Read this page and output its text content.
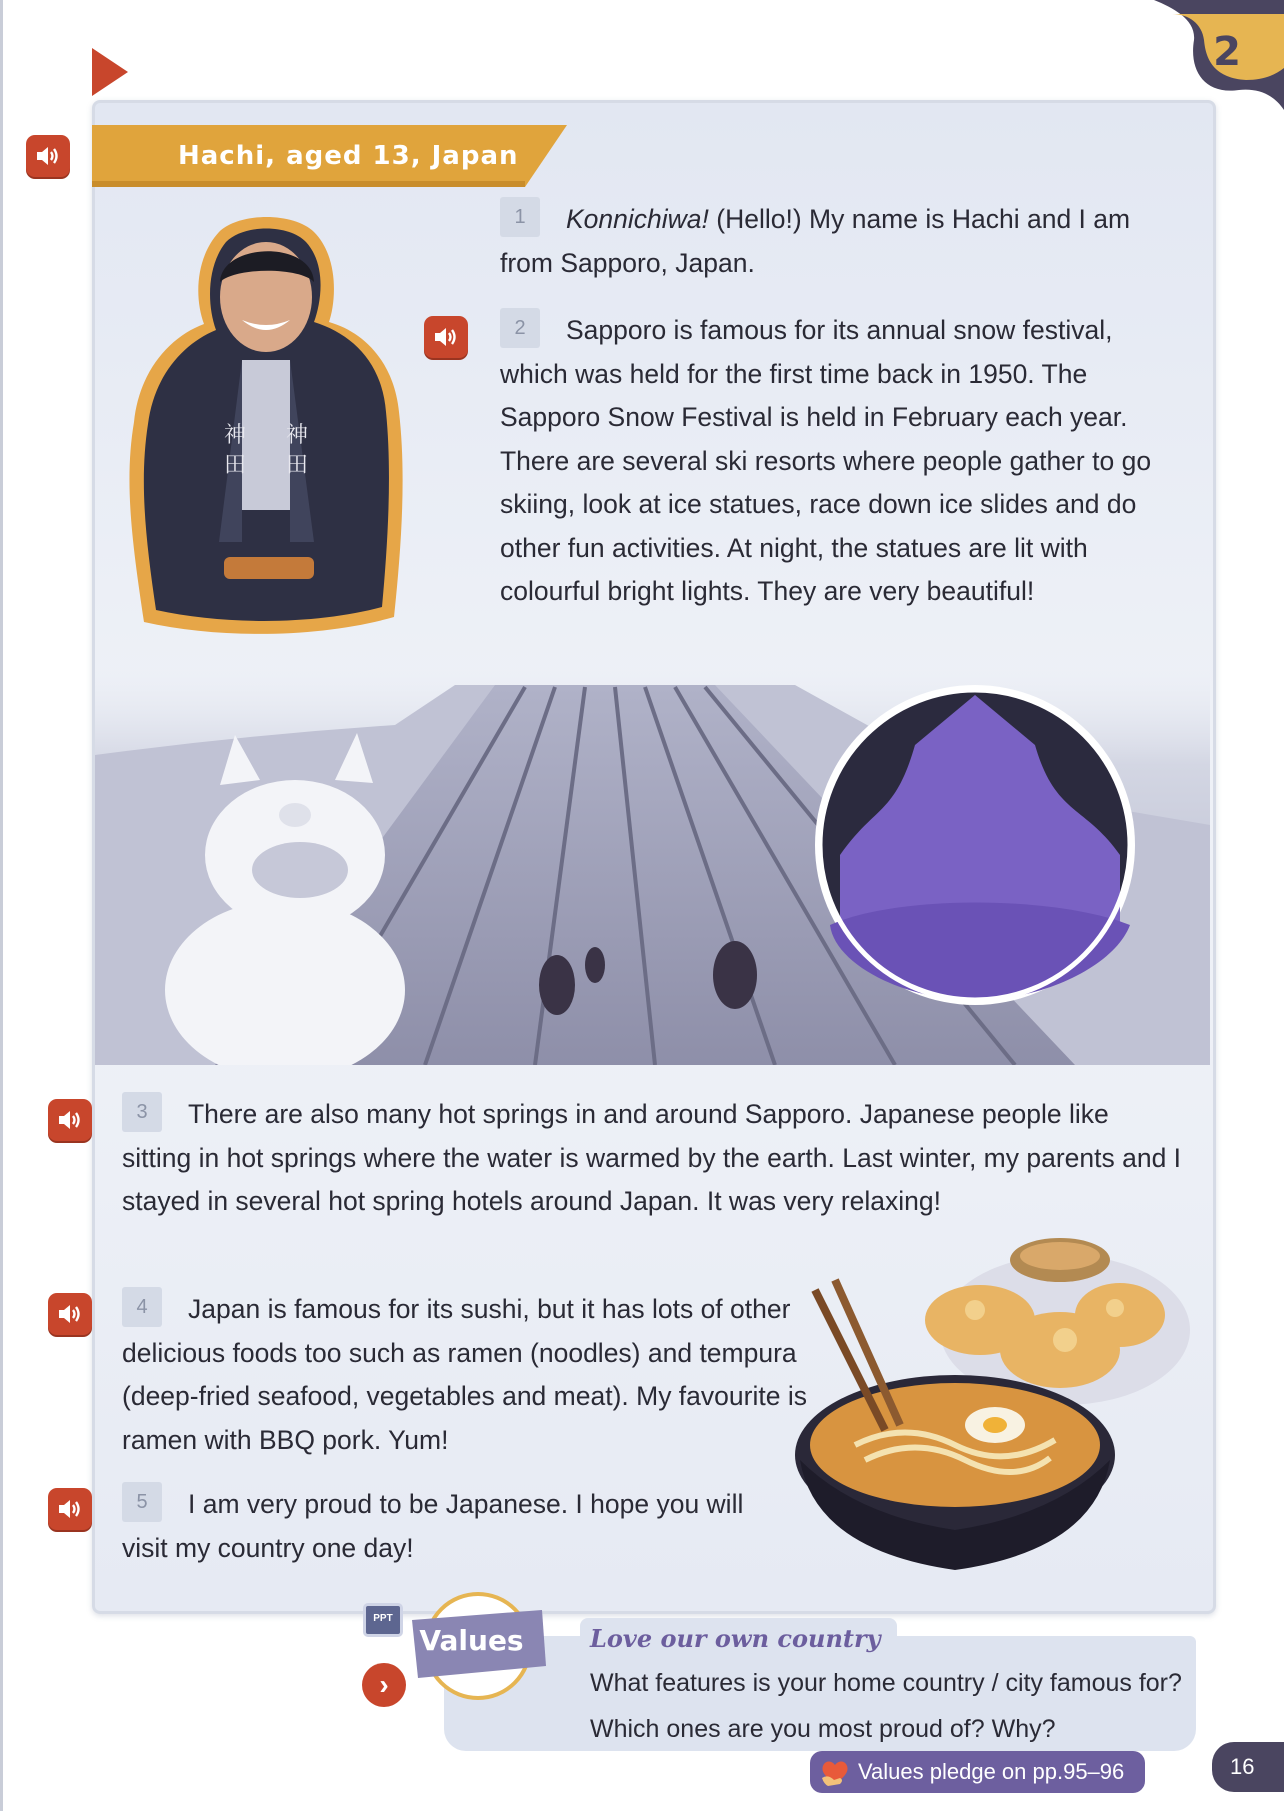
2
Hachi, aged 13, Japan
神
田
神
田
1 Konnichiwa! (Hello!) My name is Hachi and I am from Sapporo, Japan.
2 Sapporo is famous for its annual snow festival, which was held for the first time back in 1950. The Sapporo Snow Festival is held in February each year. There are several ski resorts where people gather to go skiing, look at ice statues, race down ice slides and do other fun activities. At night, the statues are lit with colourful bright lights. They are very beautiful!
3 There are also many hot springs in and around Sapporo. Japanese people like sitting in hot springs where the water is warmed by the earth. Last winter, my parents and I stayed in several hot spring hotels around Japan. It was very relaxing!
4 Japan is famous for its sushi, but it has lots of other delicious foods too such as ramen (noodles) and tempura (deep-fried seafood, vegetables and meat). My favourite is ramen with BBQ pork. Yum!
5 I am very proud to be Japanese. I hope you will visit my country one day!
PPT
Values
›
Love our own country
What features is your home country / city famous for? Which ones are you most proud of? Why?
Values pledge on pp.95–96	16
